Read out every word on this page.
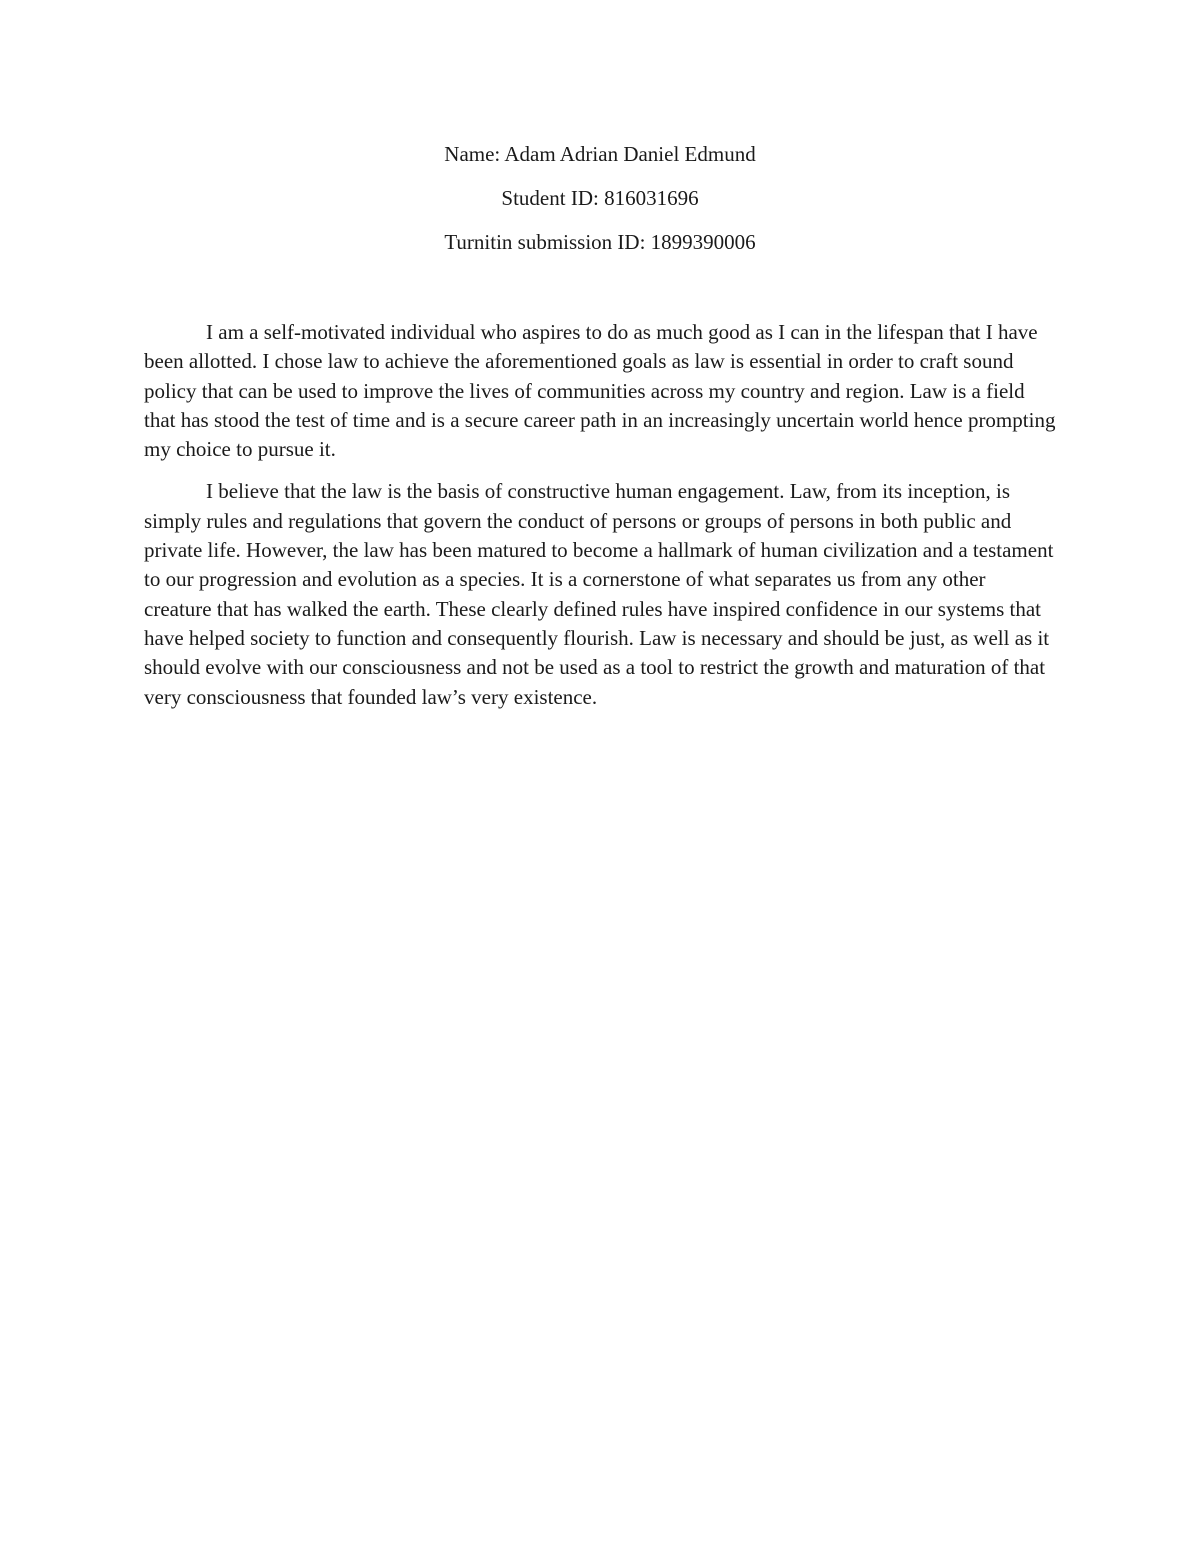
Name: Adam Adrian Daniel Edmund

Student ID: 816031696

Turnitin submission ID: 1899390006

I am a self-motivated individual who aspires to do as much good as I can in the lifespan that I have been allotted. I chose law to achieve the aforementioned goals as law is essential in order to craft sound policy that can be used to improve the lives of communities across my country and region. Law is a field that has stood the test of time and is a secure career path in an increasingly uncertain world hence prompting my choice to pursue it.

I believe that the law is the basis of constructive human engagement. Law, from its inception, is simply rules and regulations that govern the conduct of persons or groups of persons in both public and private life. However, the law has been matured to become a hallmark of human civilization and a testament to our progression and evolution as a species. It is a cornerstone of what separates us from any other creature that has walked the earth. These clearly defined rules have inspired confidence in our systems that have helped society to function and consequently flourish. Law is necessary and should be just, as well as it should evolve with our consciousness and not be used as a tool to restrict the growth and maturation of that very consciousness that founded law’s very existence.
